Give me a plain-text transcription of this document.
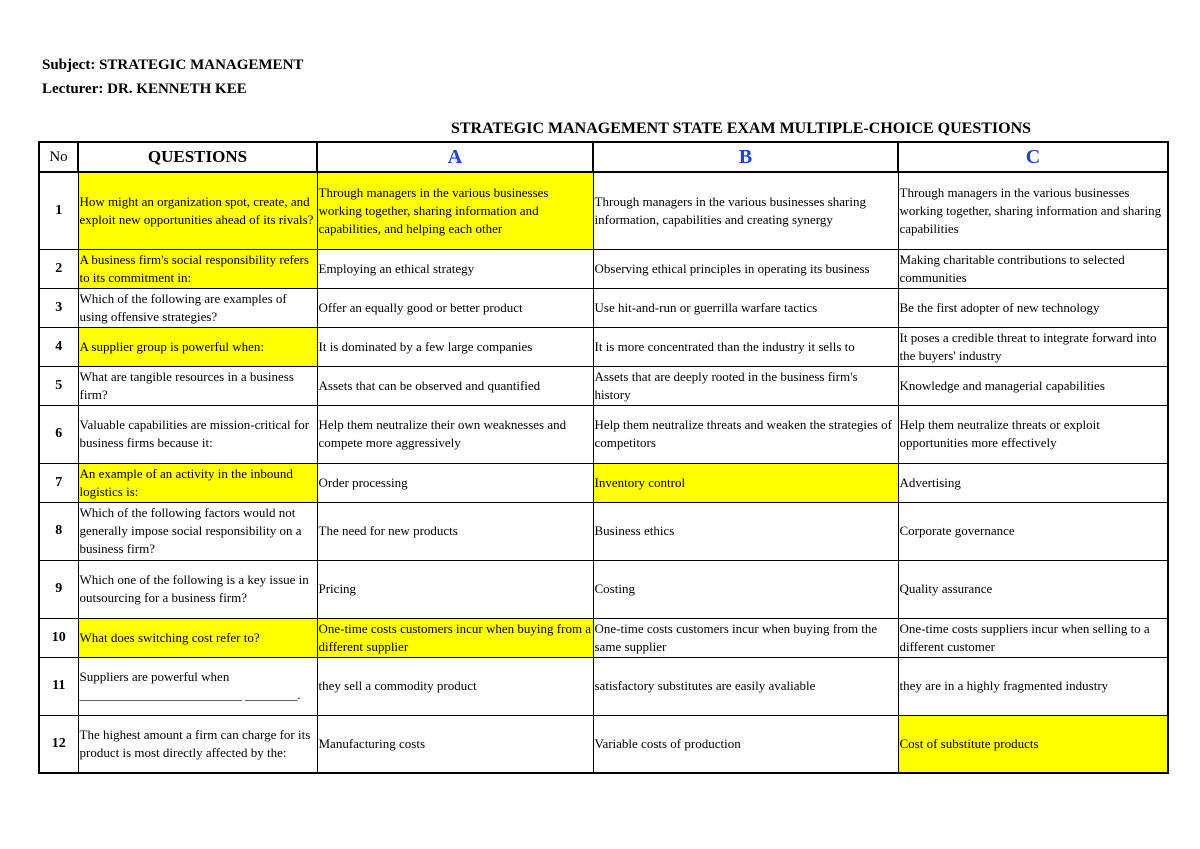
Subject: STRATEGIC MANAGEMENT
Lecturer: DR. KENNETH KEE
STRATEGIC MANAGEMENT STATE EXAM MULTIPLE-CHOICE QUESTIONS
No	QUESTIONS	A	B	C
1	How might an organization spot, create, and exploit new opportunities ahead of its rivals?	Through managers in the various businesses working together, sharing information and capabilities, and helping each other	Through managers in the various businesses sharing information, capabilities and creating synergy	Through managers in the various businesses working together, sharing information and sharing capabilities
2	A business firm's social responsibility refers to its commitment in:	Employing an ethical strategy	Observing ethical principles in operating its business	Making charitable contributions to selected communities
3	Which of the following are examples of using offensive strategies?	Offer an equally good or better product	Use hit-and-run or guerrilla warfare tactics	Be the first adopter of new technology
4	A supplier group is powerful when:	It is dominated by a few large companies	It is more concentrated than the industry it sells to	It poses a credible threat to integrate forward into the buyers' industry
5	What are tangible resources in a business firm?	Assets that can be observed and quantified	Assets that are deeply rooted in the business firm's history	Knowledge and managerial capabilities
6	Valuable capabilities are mission-critical for business firms because it:	Help them neutralize their own weaknesses and compete more aggressively	Help them neutralize threats and weaken the strategies of competitors	Help them neutralize threats or exploit opportunities more effectively
7	An example of an activity in the inbound logistics is:	Order processing	Inventory control	Advertising
8	Which of the following factors would not generally impose social responsibility on a business firm?	The need for new products	Business ethics	Corporate governance
9	Which one of the following is a key issue in outsourcing for a business firm?	Pricing	Costing	Quality assurance
10	What does switching cost refer to?	One-time costs customers incur when buying from a different supplier	One-time costs customers incur when buying from the same supplier	One-time costs suppliers incur when selling to a different customer
11	Suppliers are powerful when _________________________ ________.	they sell a commodity product	satisfactory substitutes are easily avaliable	they are in a highly fragmented industry
12	The highest amount a firm can charge for its product is most directly affected by the:	Manufacturing costs	Variable costs of production	Cost of substitute products
